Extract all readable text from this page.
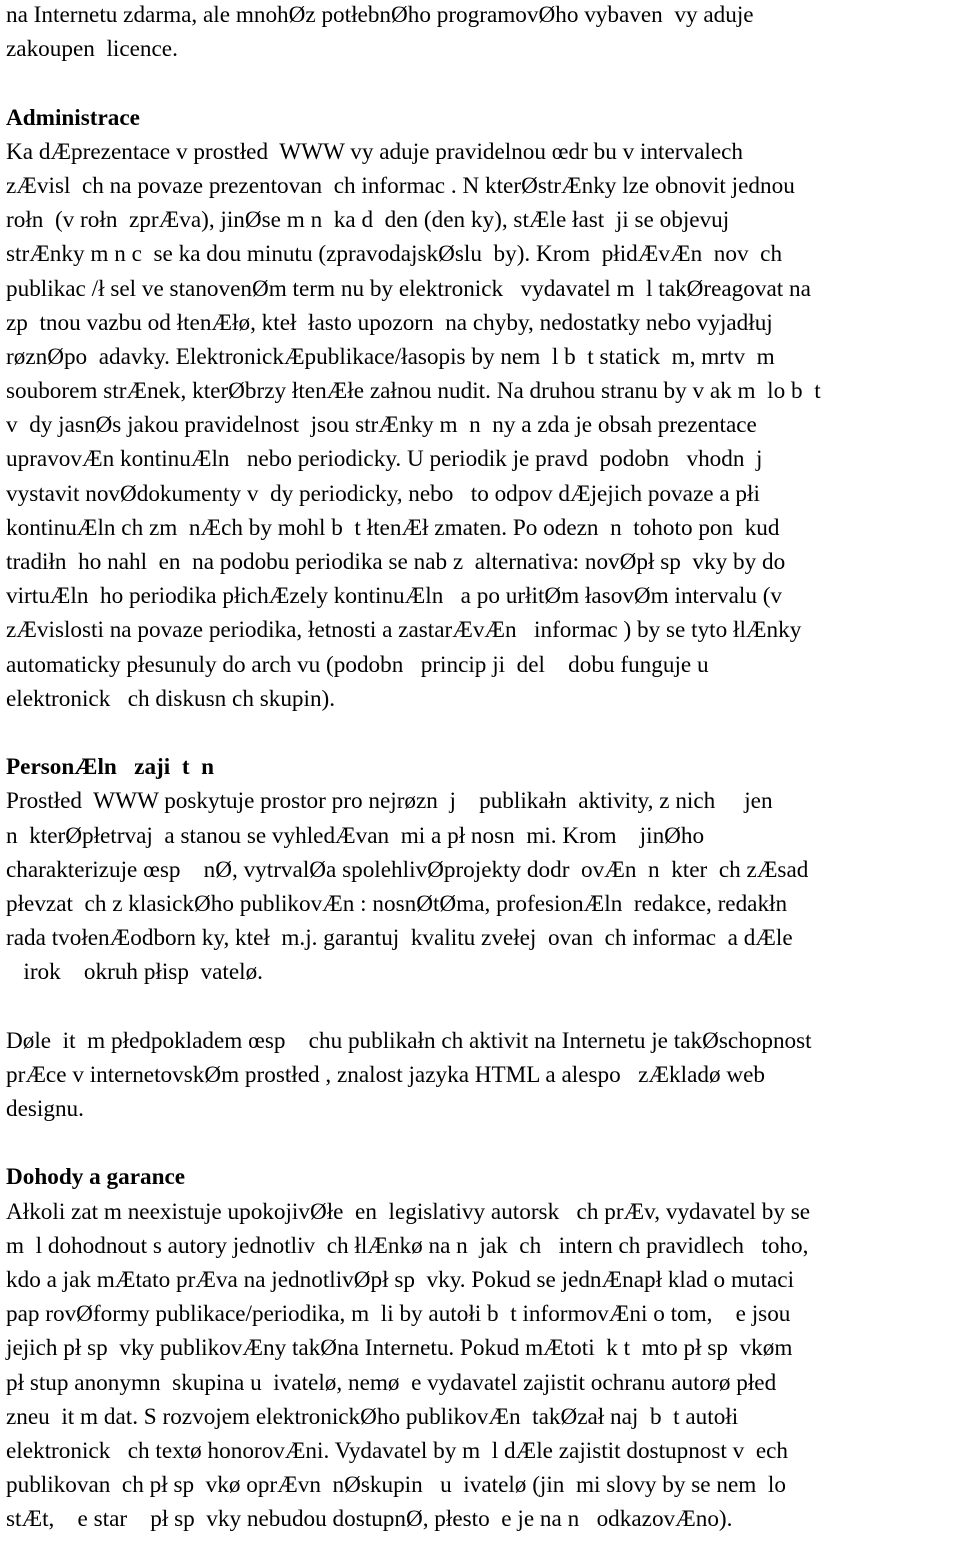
na Internetu zdarma, ale mnohØz potłebnØho programovØho vybaven  vy aduje
zakoupen  licence.
Administrace
Ka dÆprezentace v prostłed  WWW vy aduje pravidelnou œdr bu v intervalech
zÆvisl  ch na povaze prezentovan  ch informac . N kterØstrÆnky lze obnovit jednou
rołn  (v rołn  zprÆva), jinØse m n  ka d  den (den ky), stÆle łast  ji se objevuj
strÆnky m n c  se ka dou minutu (zpravodajskØslu  by). Krom  płidÆvÆn  nov  ch
publikac /ł sel ve stanovenØm term nu by elektronick   vydavatel m  l takØreagovat na
zp  tnou vazbu od łtenÆłø, kteł  łasto upozorn  na chyby, nedostatky nebo vyjadłuj
røznØpo  adavky. ElektronickÆpublikace/łasopis by nem  l b  t statick  m, mrtv  m
souborem strÆnek, kterØbrzy łtenÆłe załnou nudit. Na druhou stranu by v ak m  lo b  t
v  dy jasnØs jakou pravidelnost  jsou strÆnky m  n  ny a zda je obsah prezentace
upravovÆn kontinuÆln   nebo periodicky. U periodik je pravd  podobn   vhodn  j
vystavit novØdokumenty v  dy periodicky, nebo   to odpov dÆjejich povaze a płi
kontinuÆln ch zm  nÆch by mohl b  t łtenÆł zmaten. Po odezn  n  tohoto pon  kud
tradiłn  ho nahl  en  na podobu periodika se nab z  alternativa: novØpł sp  vky by do
virtuÆln  ho periodika płichÆzely kontinuÆln   a po urłitØm łasovØm intervalu (v
zÆvislosti na povaze periodika, łetnosti a zastarÆvÆn   informac ) by se tyto łlÆnky
automaticky płesunuly do arch vu (podobn   princip ji  del    dobu funguje u
elektronick   ch diskusn ch skupin).
PersonÆln   zaji  t  n
Prostłed  WWW poskytuje prostor pro nejrøzn  j    publikałn  aktivity, z nich     jen
n  kterØpłetrvaj  a stanou se vyhledÆvan  mi a pł nosn  mi. Krom    jinØho
charakterizuje œsp    nØ, vytrvalØa spolehlivØprojekty dodr  ovÆn  n  kter  ch zÆsad
płevzat  ch z klasickØho publikovÆn : nosnØtØma, profesionÆln  redakce, redakłn
rada tvołenÆodborn ky, kteł  m.j. garantuj  kvalitu zvełej  ovan  ch informac  a dÆle
irok    okruh płisp  vatelø.
Døle  it  m płedpokladem œsp    chu publikałn ch aktivit na Internetu je takØschopnost
prÆce v internetovskØm prostłed , znalost jazyka HTML a alespo   zÆkladø web
designu.
Dohody a garance
Ałkoli zat m neexistuje upokojivØłe  en  legislativy autorsk   ch prÆv, vydavatel by se
m  l dohodnout s autory jednotliv  ch łlÆnkø na n  jak  ch   intern ch pravidlech   toho,
kdo a jak mÆtato prÆva na jednotlivØpł sp  vky. Pokud se jednÆnapł klad o mutaci
pap rovØformy publikace/periodika, m  li by autołi b  t informovÆni o tom,    e jsou
jejich pł sp  vky publikovÆny takØna Internetu. Pokud mÆtoti  k t  mto pł sp  vkøm
pł stup anonymn  skupina u  ivatelø, nemø  e vydavatel zajistit ochranu autorø płed
zneu  it m dat. S rozvojem elektronickØho publikovÆn  takØzał naj  b  t autołi
elektronick   ch textø honorovÆni. Vydavatel by m  l dÆle zajistit dostupnost v  ech
publikovan  ch pł sp  vkø oprÆvn  nØskupin   u  ivatelø (jin  mi slovy by se nem  lo
stÆt,    e star    pł sp  vky nebudou dostupnØ, płesto  e je na n   odkazovÆno).
